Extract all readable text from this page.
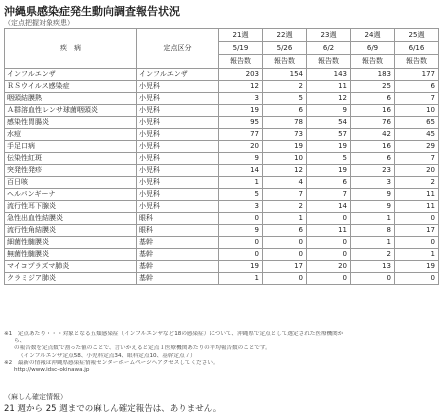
沖縄県感染症発生動向調査報告状況
（定点把握対象疾患）
疾　病	定点区分	21週	22週	23週	24週	25週
		5/19	5/26	6/2	6/9	6/16
		報告数	報告数	報告数	報告数	報告数
インフルエンザ	インフルエンザ	203	154	143	183	177
ＲＳウイルス感染症	小児科	12	2	11	25	6
咽頭結膜熱	小児科	3	5	12	6	7
Ａ群溶血性レンサ球菌咽頭炎	小児科	19	6	9	16	10
感染性胃腸炎	小児科	95	78	54	76	65
水痘	小児科	77	73	57	42	45
手足口病	小児科	20	19	19	16	29
伝染性紅斑	小児科	9	10	5	6	7
突発性発疹	小児科	14	12	19	23	20
百日咳	小児科	1	4	6	3	2
ヘルパンギーナ	小児科	5	7	7	9	11
流行性耳下腺炎	小児科	3	2	14	9	11
急性出血性結膜炎	眼科	0	1	0	1	0
流行性角結膜炎	眼科	9	6	11	8	17
細菌性髄膜炎	基幹	0	0	0	1	0
無菌性髄膜炎	基幹	0	0	0	2	1
マイコプラズマ肺炎	基幹	19	17	20	13	19
クラミジア肺炎	基幹	1	0	0	0	0
※1　定点あたり・・・対象となる五類感染症（インフルエンザなど18の感染症）について、沖縄県で定点として選定された医療機関か
ら、
の報告数を定点数で割った値のことで、言いかえると定点１医療機関あたりの平均報告数のことです。
（インフルエンザ定点58、小児科定点34、眼科定点10、基幹定点７）
※2　最新の情報は沖縄県感染症情報センターホームページへアクセスしてください。
http://www.idsc-okinawa.jp
（麻しん確定情報）
21 週から 25 週までの麻しん確定報告は、ありません。
